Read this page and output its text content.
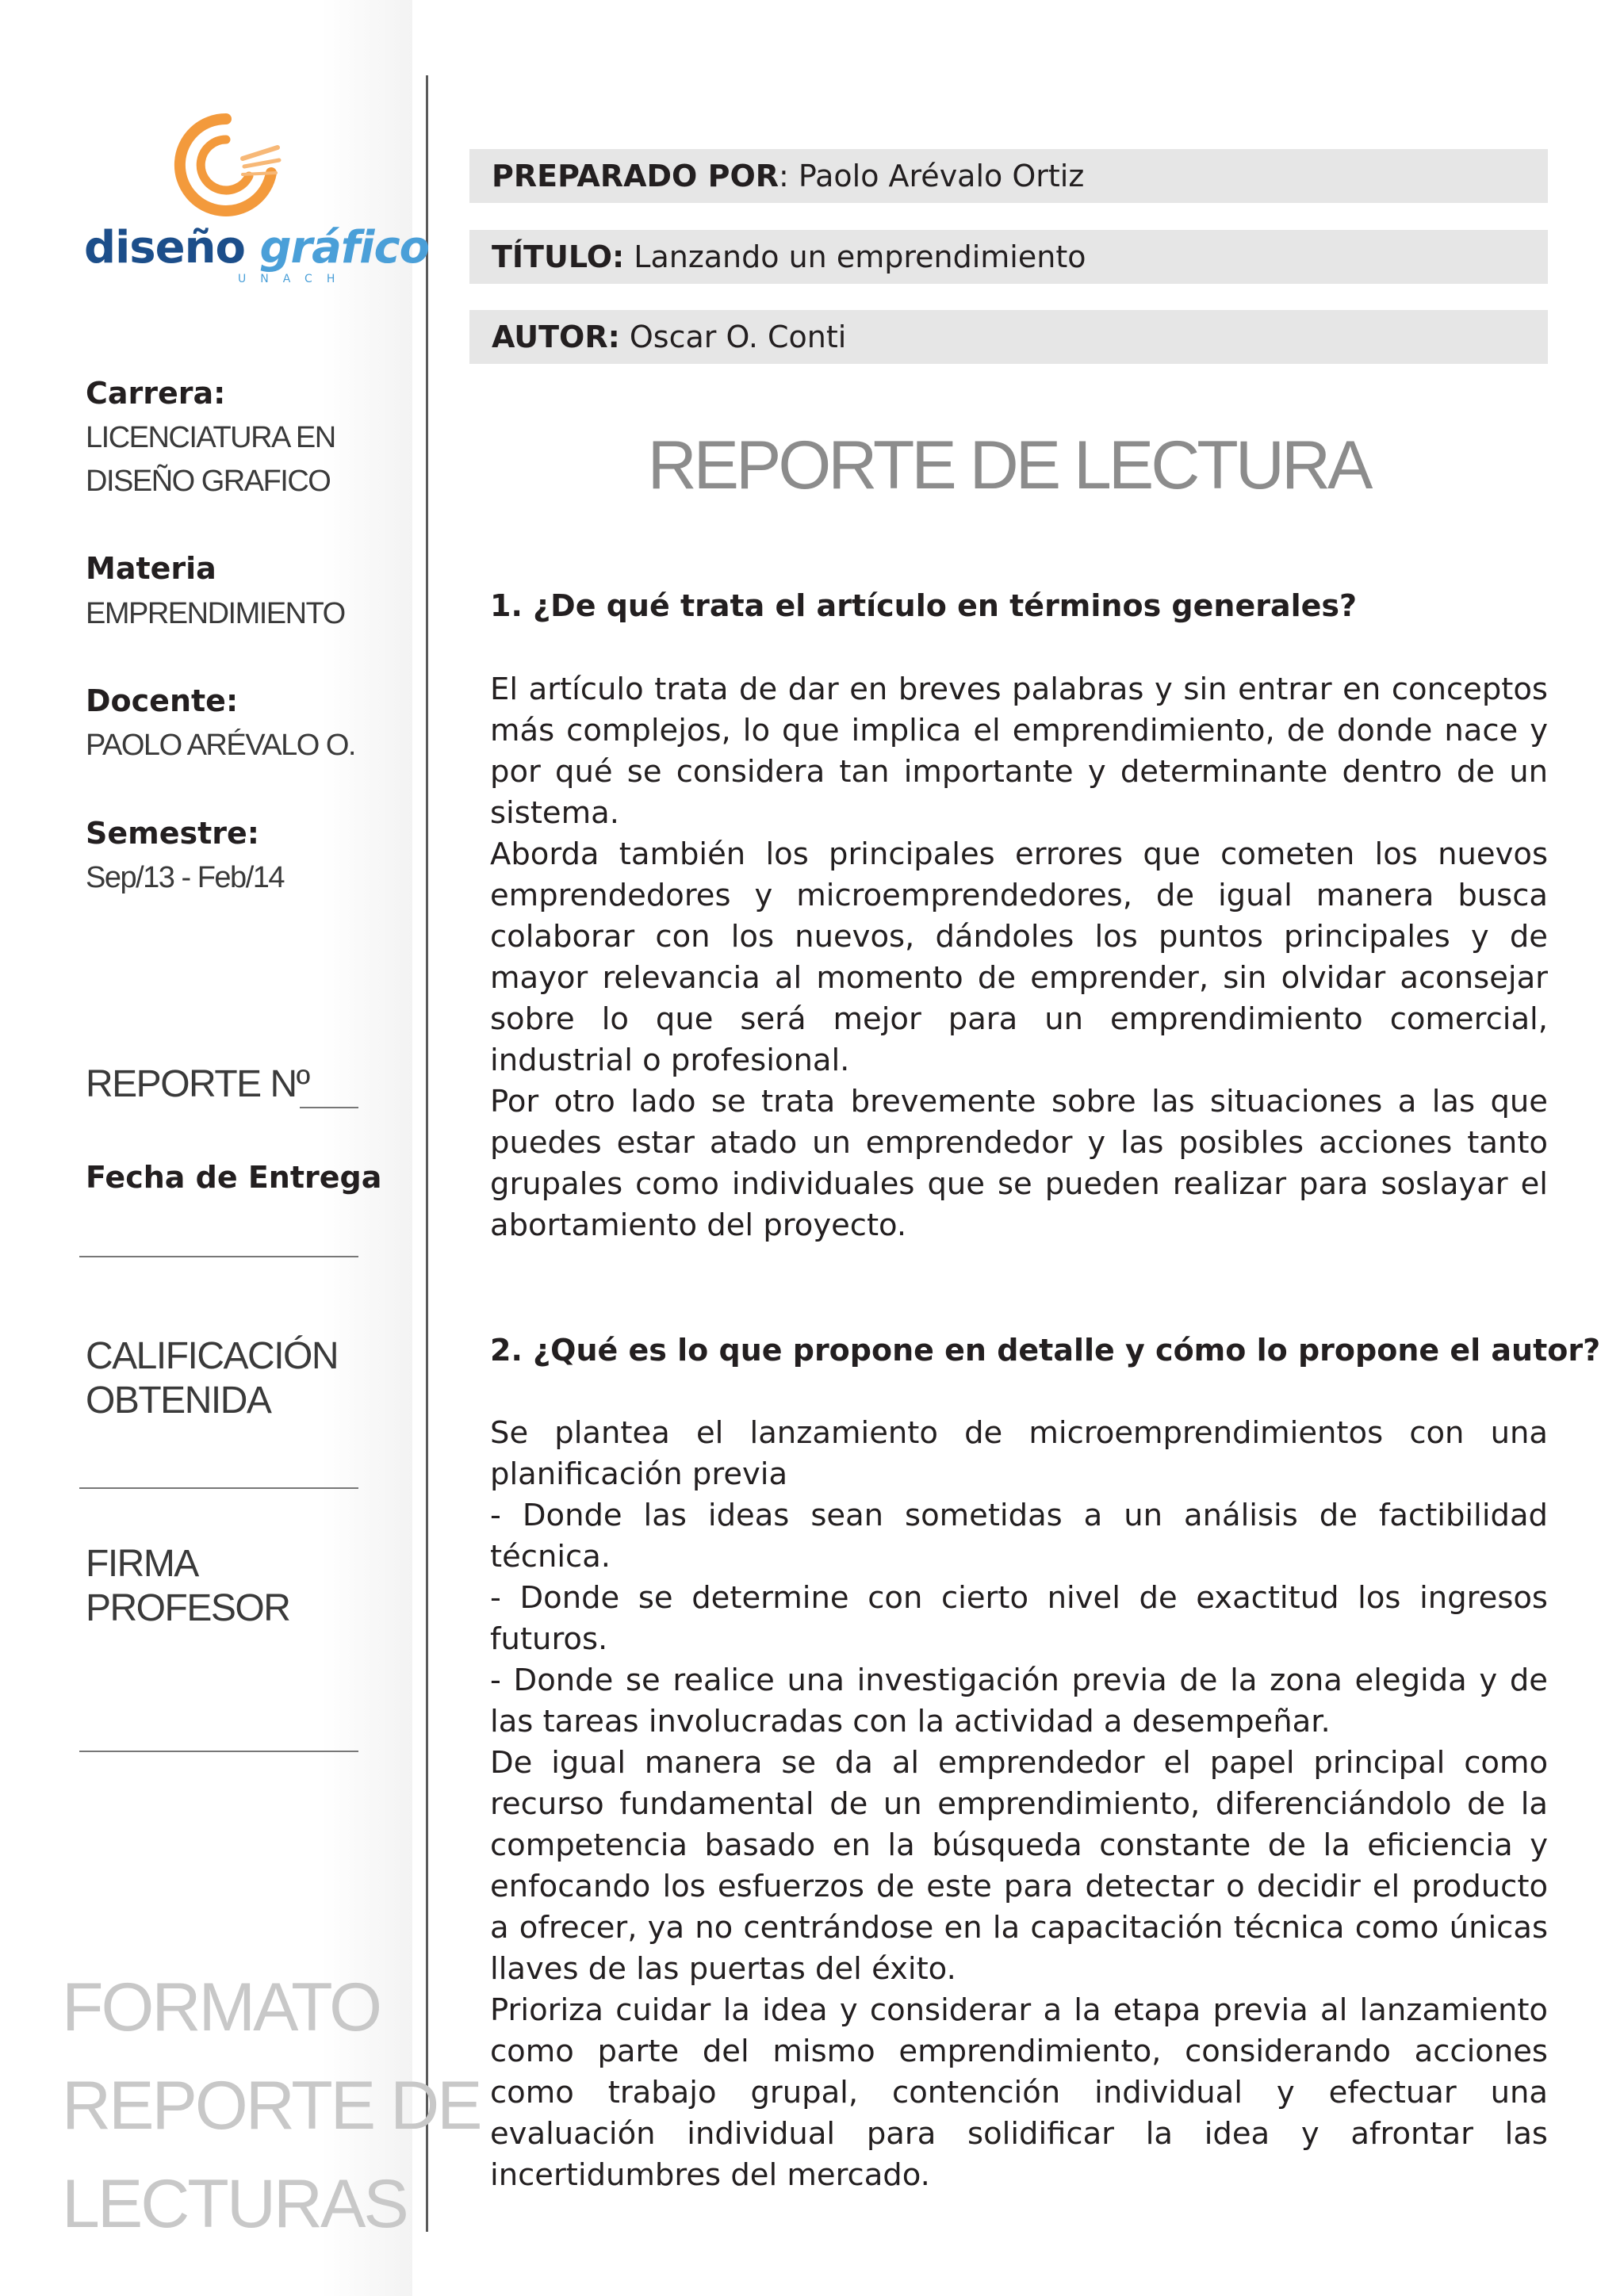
diseño gráfico
UNACH
Carrera:
LICENCIATURA EN
DISEÑO GRAFICO
Materia
EMPRENDIMIENTO
Docente:
PAOLO ARÉVALO O.
Semestre:
Sep/13 - Feb/14
REPORTE Nº
Fecha de Entrega
CALIFICACIÓN
OBTENIDA
FIRMA
PROFESOR
FORMATO
REPORTE DE
LECTURAS
PREPARADO POR: Paolo Arévalo Ortiz
TÍTULO: Lanzando un emprendimiento
AUTOR: Oscar O. Conti
REPORTE DE LECTURA
1. ¿De qué trata el artículo en términos generales?

El artículo trata de dar en breves palabras y sin entrar en conceptos más complejos, lo que implica el emprendimiento, de donde nace y por qué se considera tan importante y determinante dentro de un sistema.

Aborda también los principales errores que cometen los nuevos emprendedores y microemprendedores, de igual manera busca colaborar con los nuevos, dándoles los puntos principales y de mayor relevancia al momento de emprender, sin olvidar aconsejar sobre lo que será mejor para un emprendimiento comercial, industrial o profesional.

Por otro lado se trata brevemente sobre las situaciones a las que puedes estar atado un emprendedor y las posibles acciones tanto grupales como individuales que se pueden realizar para soslayar el abortamiento del proyecto.

2. ¿Qué es lo que propone en detalle y cómo lo propone el autor?

Se plantea el lanzamiento de microemprendimientos con una planificación previa

- Donde las ideas sean sometidas a un análisis de factibilidad técnica.

- Donde se determine con cierto nivel de exactitud los ingresos futuros.

- Donde se realice una investigación previa de la zona elegida y de las tareas involucradas con la actividad a desempeñar.

De igual manera se da al emprendedor el papel principal como recurso fundamental de un emprendimiento, diferenciándolo de la competencia basado en la búsqueda constante de la eficiencia y enfocando los esfuerzos de este para detectar o decidir el producto a ofrecer, ya no centrándose en la capacitación técnica como únicas llaves de las puertas del éxito.

Prioriza cuidar la idea y considerar a la etapa previa al lanzamiento como parte del mismo emprendimiento, considerando acciones como trabajo grupal, contención individual y efectuar una evaluación individual para solidificar la idea y afrontar las incertidumbres del mercado.
